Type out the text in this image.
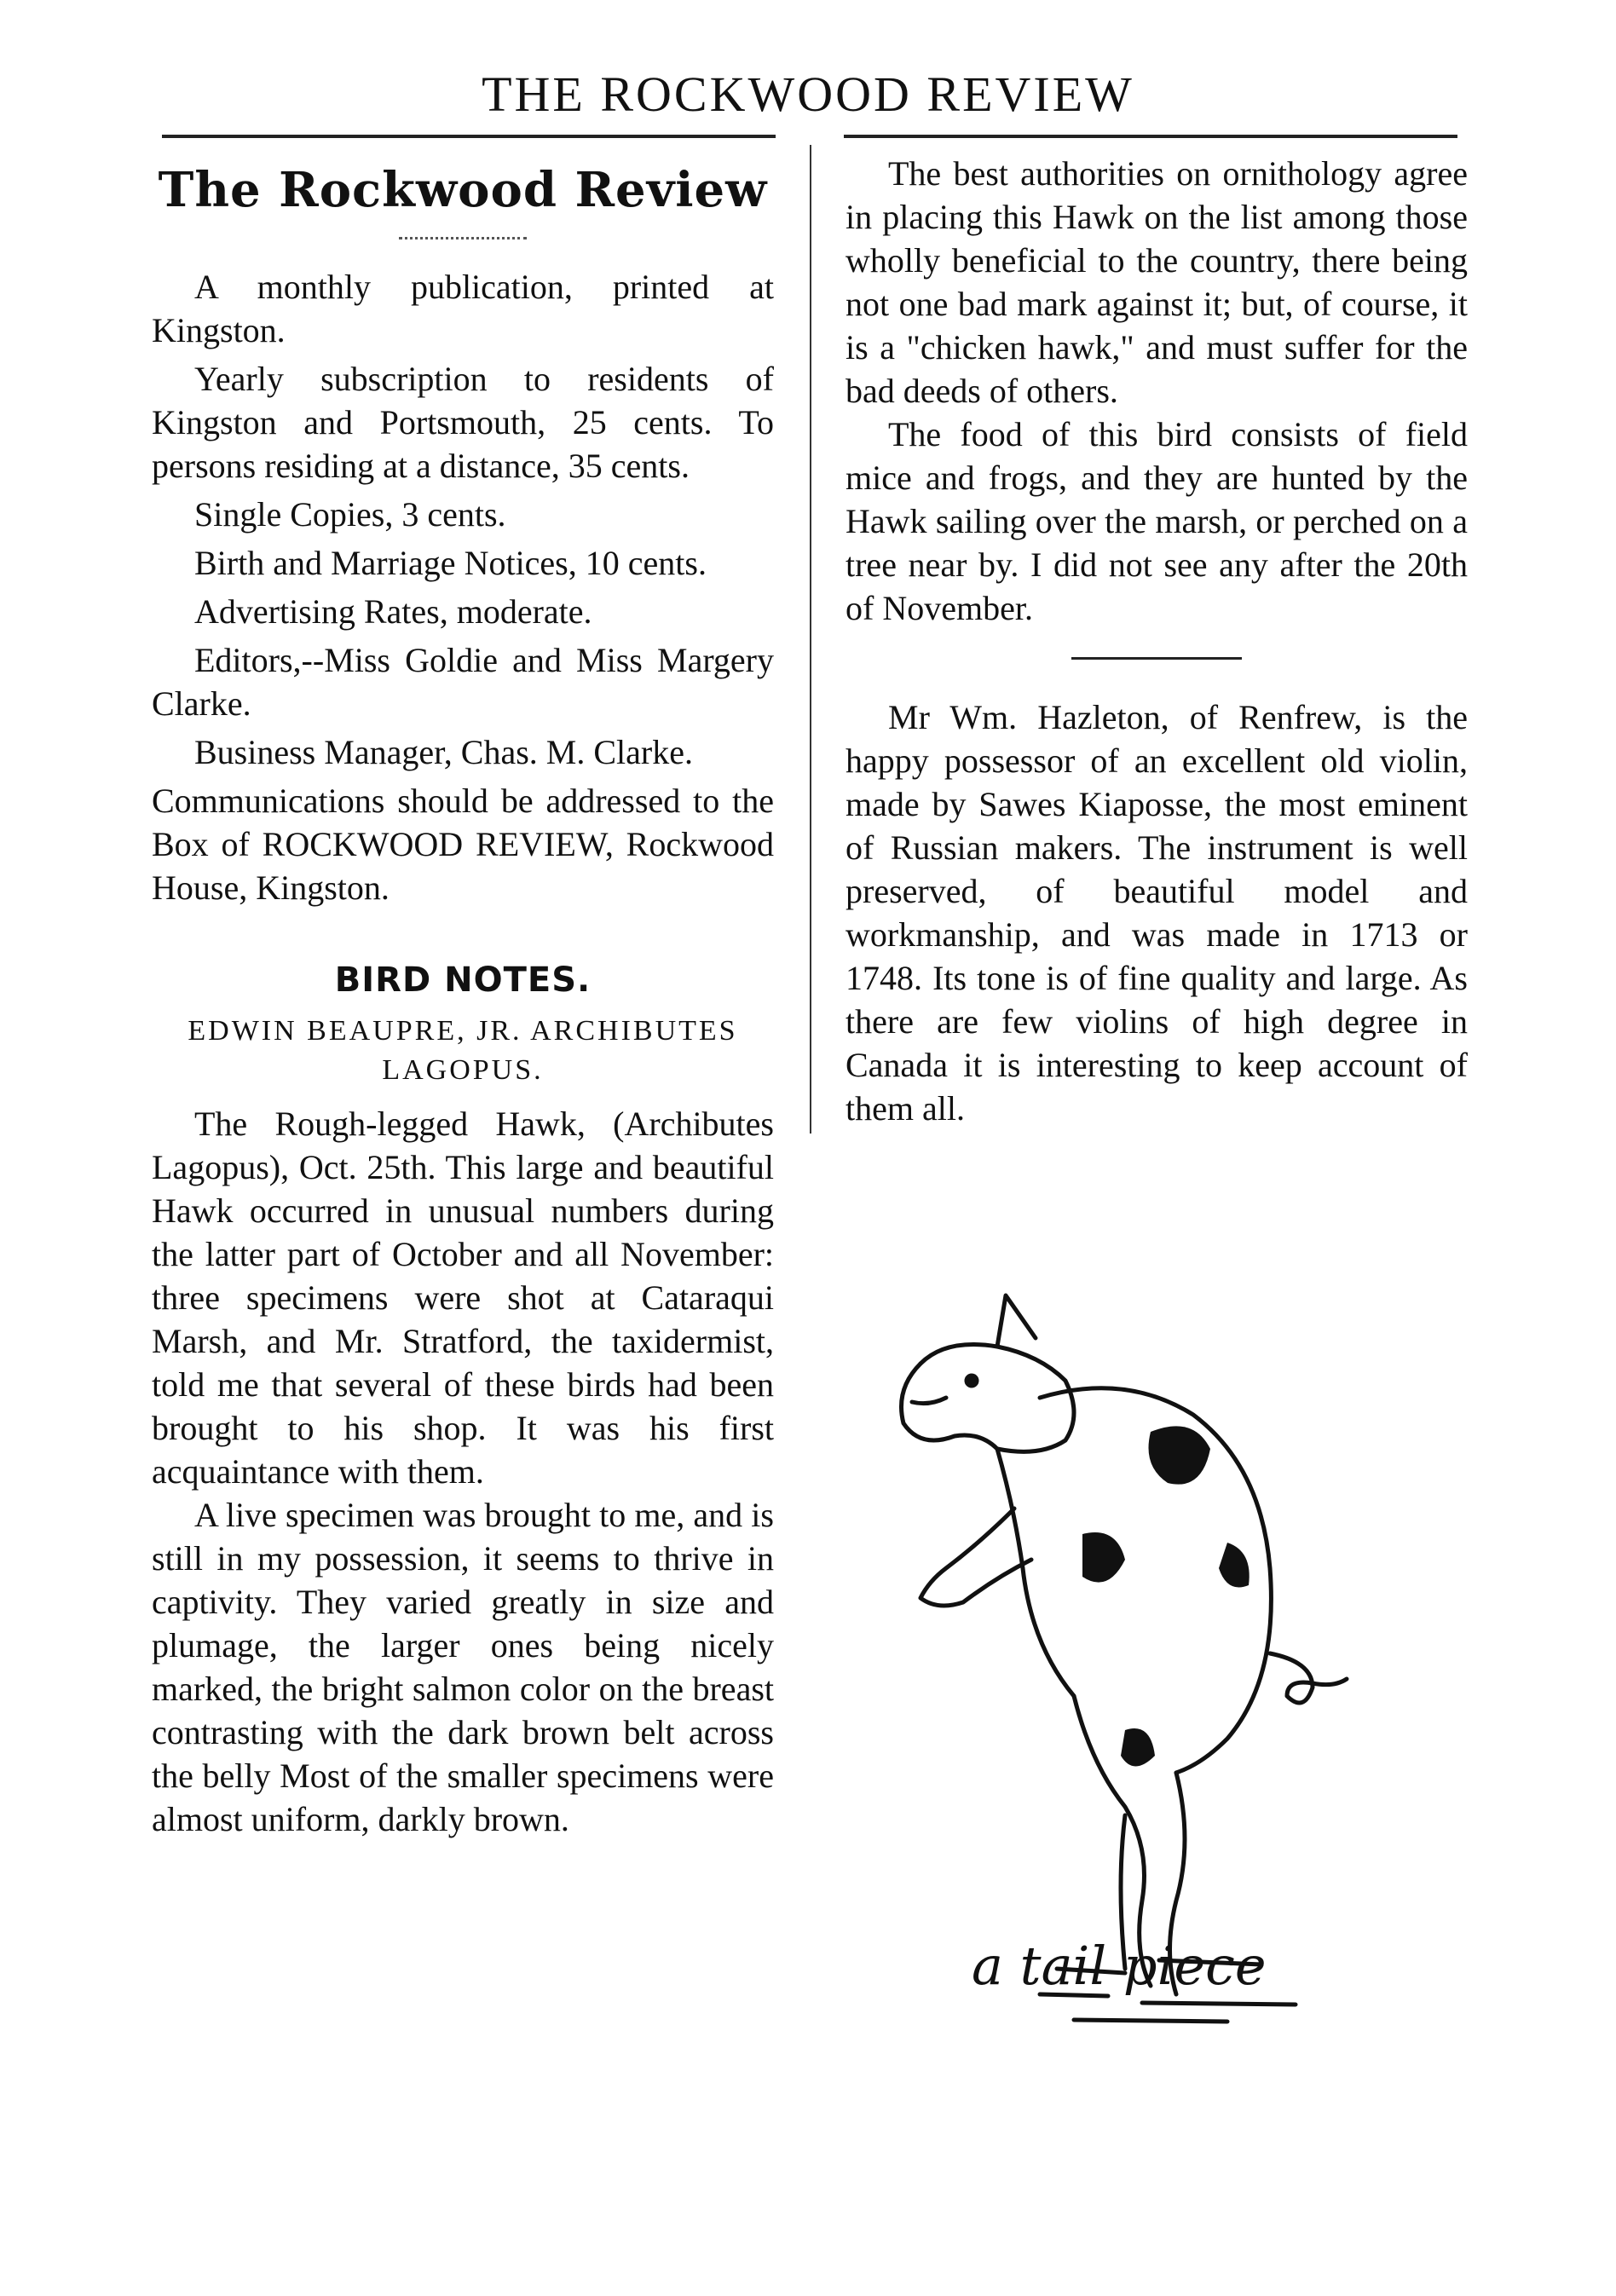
THE ROCKWOOD REVIEW
The Rockwood Review

A monthly publication, printed at Kingston.

Yearly subscription to residents of Kingston and Portsmouth, 25 cents. To persons residing at a distance, 35 cents.

Single Copies, 3 cents.

Birth and Marriage Notices, 10 cents.

Advertising Rates, moderate.

Editors,--Miss Goldie and Miss Margery Clarke.

Business Manager, Chas. M. Clarke.

Communications should be addressed to the Box of ROCKWOOD REVIEW, Rockwood House, Kingston.

BIRD NOTES.
EDWIN BEAUPRE, JR. ARCHIBUTES LAGOPUS.

The Rough-legged Hawk, (Archibutes Lagopus), Oct. 25th. This large and beautiful Hawk occurred in unusual numbers during the latter part of October and all November: three specimens were shot at Cataraqui Marsh, and Mr. Stratford, the taxidermist, told me that several of these birds had been brought to his shop. It was his first acquaintance with them.

A live specimen was brought to me, and is still in my possession, it seems to thrive in captivity. They varied greatly in size and plumage, the larger ones being nicely marked, the bright salmon color on the breast contrasting with the dark brown belt across the belly Most of the smaller specimens were almost uniform, darkly brown.

The best authorities on ornithology agree in placing this Hawk on the list among those wholly beneficial to the country, there being not one bad mark against it; but, of course, it is a "chicken hawk," and must suffer for the bad deeds of others.

The food of this bird consists of field mice and frogs, and they are hunted by the Hawk sailing over the marsh, or perched on a tree near by. I did not see any after the 20th of November.

Mr Wm. Hazleton, of Renfrew, is the happy possessor of an excellent old violin, made by Sawes Kiaposse, the most eminent of Russian makers. The instrument is well preserved, of beautiful model and workmanship, and was made in 1713 or 1748. Its tone is of fine quality and large. As there are few violins of high degree in Canada it is interesting to keep account of them all.

a tail piece
